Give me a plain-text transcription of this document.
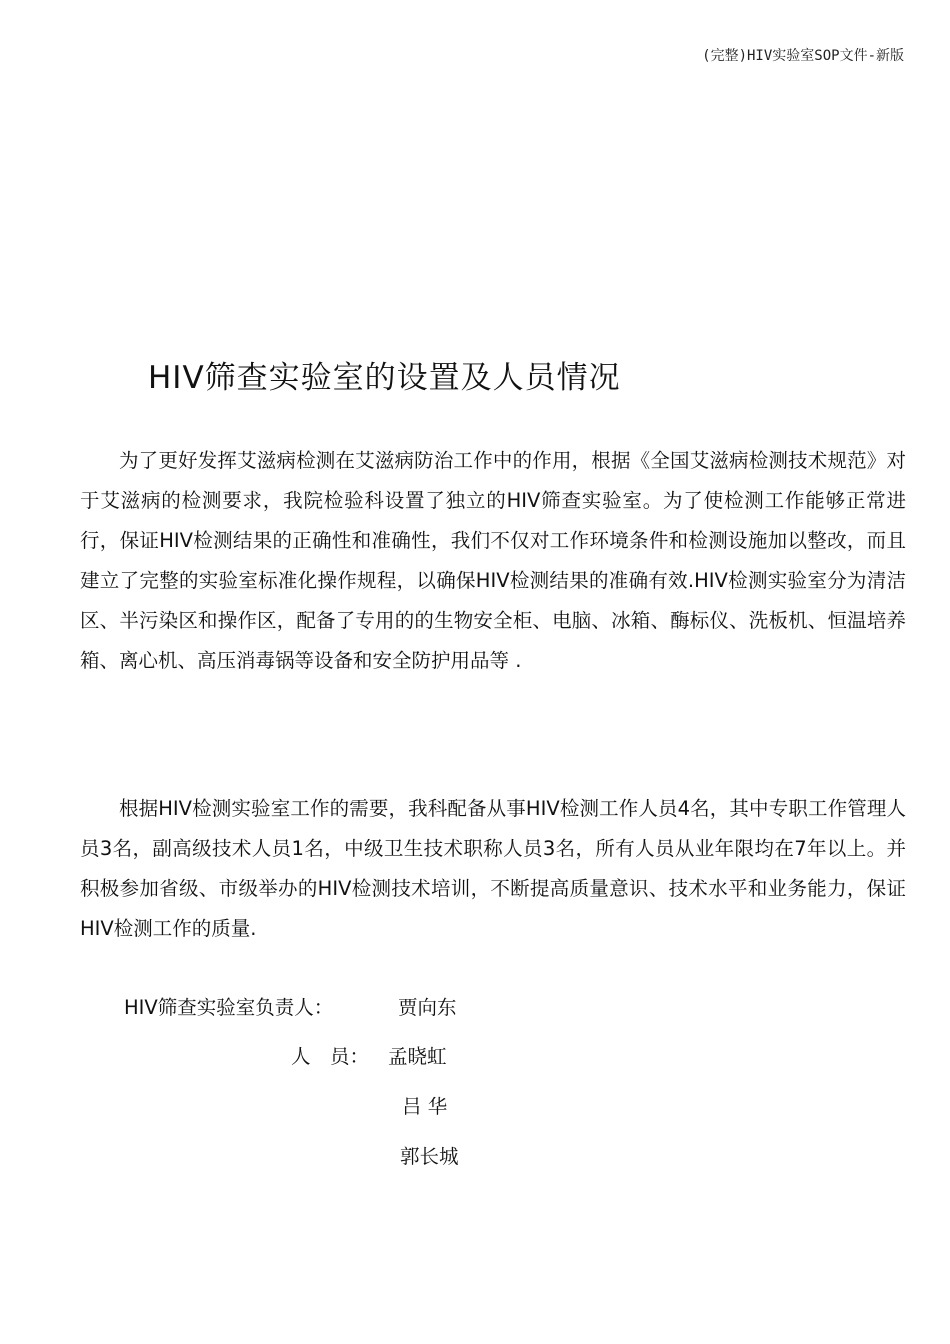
(完整)HIV实验室SOP文件-新版
HIV筛查实验室的设置及人员情况

为了更好发挥艾滋病检测在艾滋病防治工作中的作用，根据《全国艾滋病检测技术规范》对于艾滋病的检测要求，我院检验科设置了独立的HIV筛查实验室。为了使检测工作能够正常进行，保证HIV检测结果的正确性和准确性，我们不仅对工作环境条件和检测设施加以整改，而且建立了完整的实验室标准化操作规程，以确保HIV检测结果的准确有效.HIV检测实验室分为清洁区、半污染区和操作区，配备了专用的的生物安全柜、电脑、冰箱、酶标仪、洗板机、恒温培养箱、离心机、高压消毒锅等设备和安全防护用品等 .

根据HIV检测实验室工作的需要，我科配备从事HIV检测工作人员4名，其中专职工作管理人员3名，副高级技术人员1名，中级卫生技术职称人员3名，所有人员从业年限均在7年以上。并积极参加省级、市级举办的HIV检测技术培训，不断提高质量意识、技术水平和业务能力，保证HIV检测工作的质量.

HIV筛查实验室负责人：	贾向东
人　员： 孟晓虹
吕 华
郭长城
